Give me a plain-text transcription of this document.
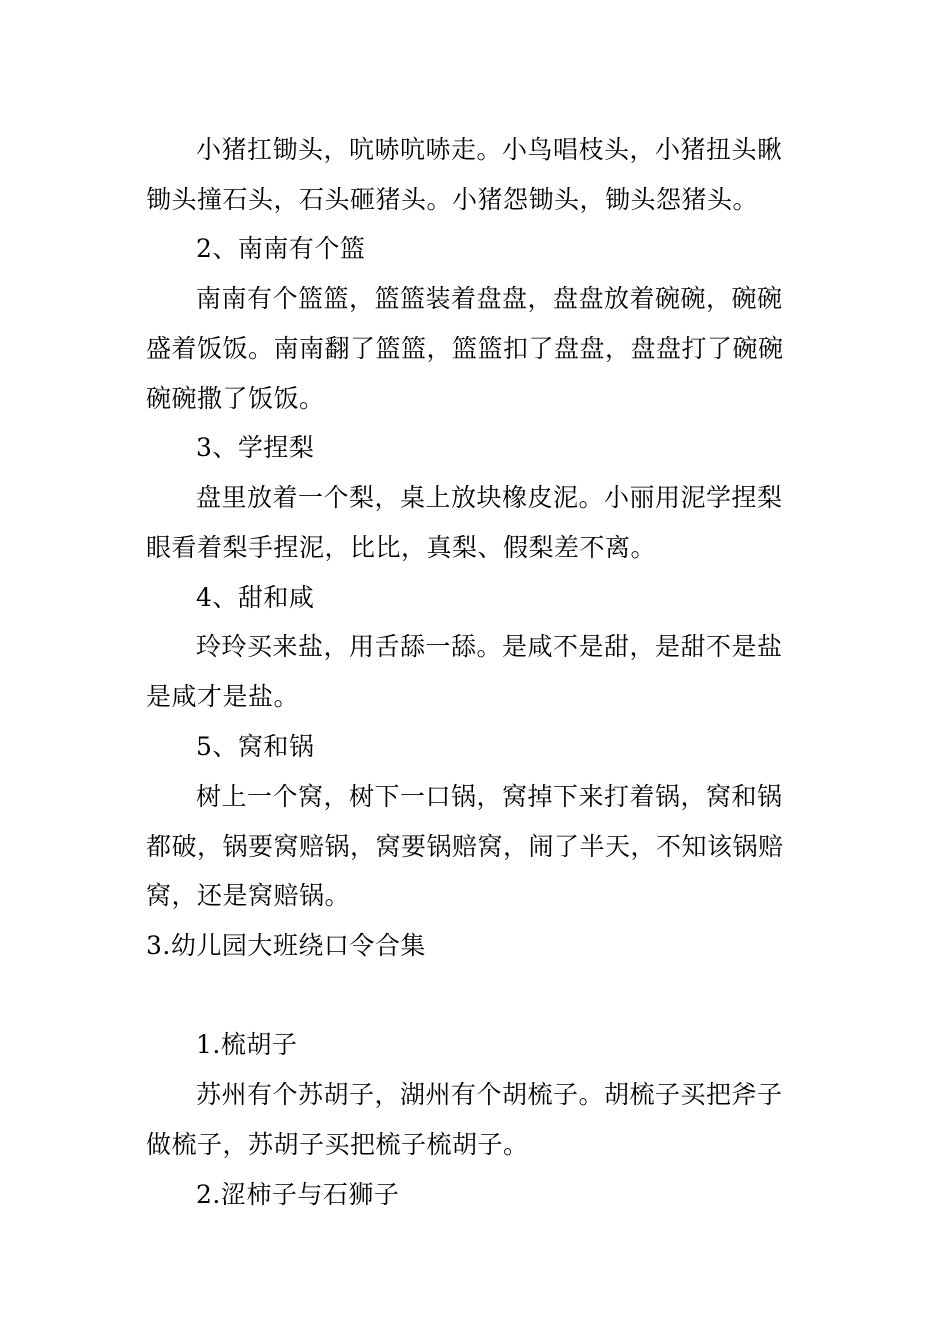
小猪扛锄头，吭哧吭哧走。小鸟唱枝头，小猪扭头瞅
锄头撞石头，石头砸猪头。小猪怨锄头，锄头怨猪头。
2、南南有个篮
南南有个篮篮，篮篮装着盘盘，盘盘放着碗碗，碗碗
盛着饭饭。南南翻了篮篮，篮篮扣了盘盘，盘盘打了碗碗
碗碗撒了饭饭。
3、学捏梨
盘里放着一个梨，桌上放块橡皮泥。小丽用泥学捏梨
眼看着梨手捏泥，比比，真梨、假梨差不离。
4、甜和咸
玲玲买来盐，用舌舔一舔。是咸不是甜，是甜不是盐
是咸才是盐。
5、窝和锅
树上一个窝，树下一口锅，窝掉下来打着锅，窝和锅
都破，锅要窝赔锅，窝要锅赔窝，闹了半天，不知该锅赔
窝，还是窝赔锅。
3.幼儿园大班绕口令合集
1.梳胡子
苏州有个苏胡子，湖州有个胡梳子。胡梳子买把斧子
做梳子，苏胡子买把梳子梳胡子。
2.涩柿子与石狮子
